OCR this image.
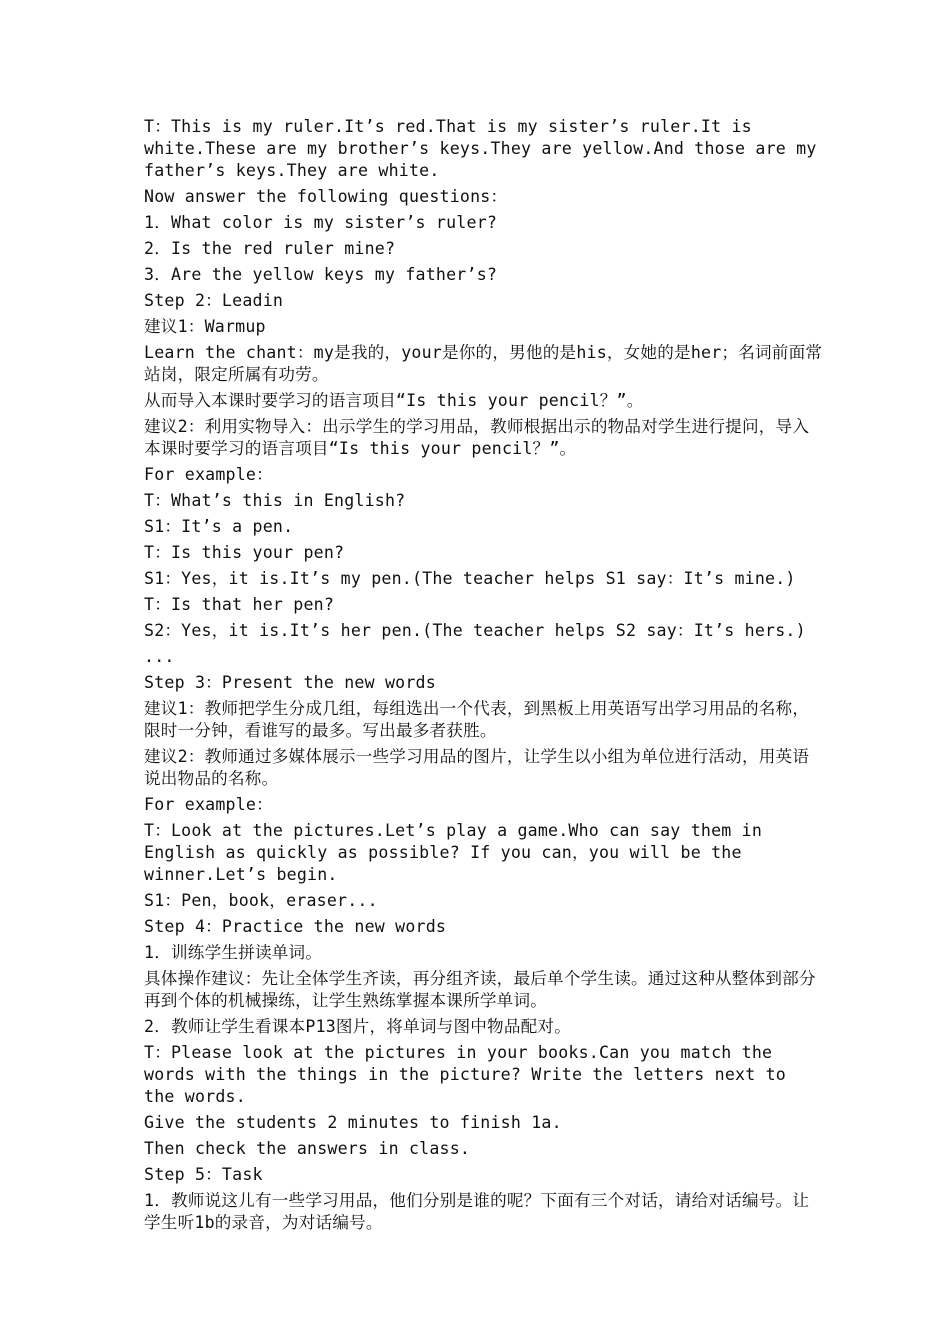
T：This is my ruler.It’s red.That is my sister’s ruler.It is white.These are my brother’s keys.They are yellow.And those are my father’s keys.They are white.

Now answer the following questions：

1．What color is my sister’s ruler?

2．Is the red ruler mine?

3．Are the yellow keys my father’s?

Step 2：Leadin

建议1：Warmup

Learn the chant：my是我的，your是你的，男他的是his，女她的是her；名词前面常站岗，限定所属有功劳。

从而导入本课时要学习的语言项目“Is this your pencil？”。

建议2：利用实物导入：出示学生的学习用品，教师根据出示的物品对学生进行提问，导入本课时要学习的语言项目“Is this your pencil？”。

For example：

T：What’s this in English?

S1：It’s a pen.

T：Is this your pen?

S1：Yes，it is.It’s my pen.(The teacher helps S1 say：It’s mine.)

T：Is that her pen?

S2：Yes，it is.It’s her pen.(The teacher helps S2 say：It’s hers.)

...

Step 3：Present the new words

建议1：教师把学生分成几组，每组选出一个代表，到黑板上用英语写出学习用品的名称，限时一分钟，看谁写的最多。写出最多者获胜。

建议2：教师通过多媒体展示一些学习用品的图片，让学生以小组为单位进行活动，用英语说出物品的名称。

For example：

T：Look at the pictures.Let’s play a game.Who can say them in English as quickly as possible? If you can，you will be the winner.Let’s begin.

S1：Pen，book，eraser...

Step 4：Practice the new words

1．训练学生拼读单词。

具体操作建议：先让全体学生齐读，再分组齐读，最后单个学生读。通过这种从整体到部分再到个体的机械操练，让学生熟练掌握本课所学单词。

2．教师让学生看课本P13图片，将单词与图中物品配对。

T：Please look at the pictures in your books.Can you match the words with the things in the picture? Write the letters next to the words.

Give the students 2 minutes to finish 1a.

Then check the answers in class.

Step 5：Task

1．教师说这儿有一些学习用品，他们分别是谁的呢？下面有三个对话，请给对话编号。让学生听1b的录音，为对话编号。
